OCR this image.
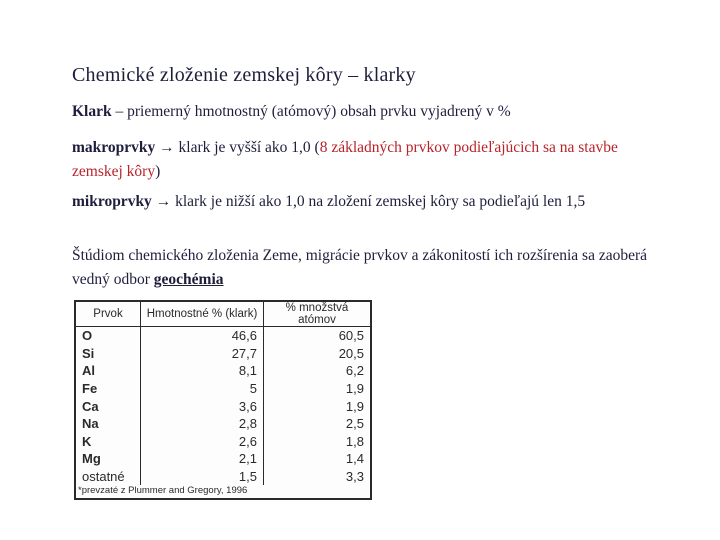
Chemické zloženie zemskej kôry – klarky
Klark – priemerný hmotnostný (atómový) obsah prvku vyjadrený v %
makroprvky → klark je vyšší ako 1,0 (8 základných prvkov podieľajúcich sa na stavbe zemskej kôry)
mikroprvky → klark je nižší ako 1,0 na zložení zemskej kôry sa podieľajú len 1,5
Štúdiom chemického zloženia Zeme, migrácie prvkov a zákonitostí ich rozšírenia sa zaoberá vedný odbor geochémia
Prvok	Hmotnostné % (klark)	% množstvá atómov
O	46,6	60,5
Si	27,7	20,5
Al	8,1	6,2
Fe	5	1,9
Ca	3,6	1,9
Na	2,8	2,5
K	2,6	1,8
Mg	2,1	1,4
ostatné	1,5	3,3
*prevzaté z Plummer and Gregory, 1996
